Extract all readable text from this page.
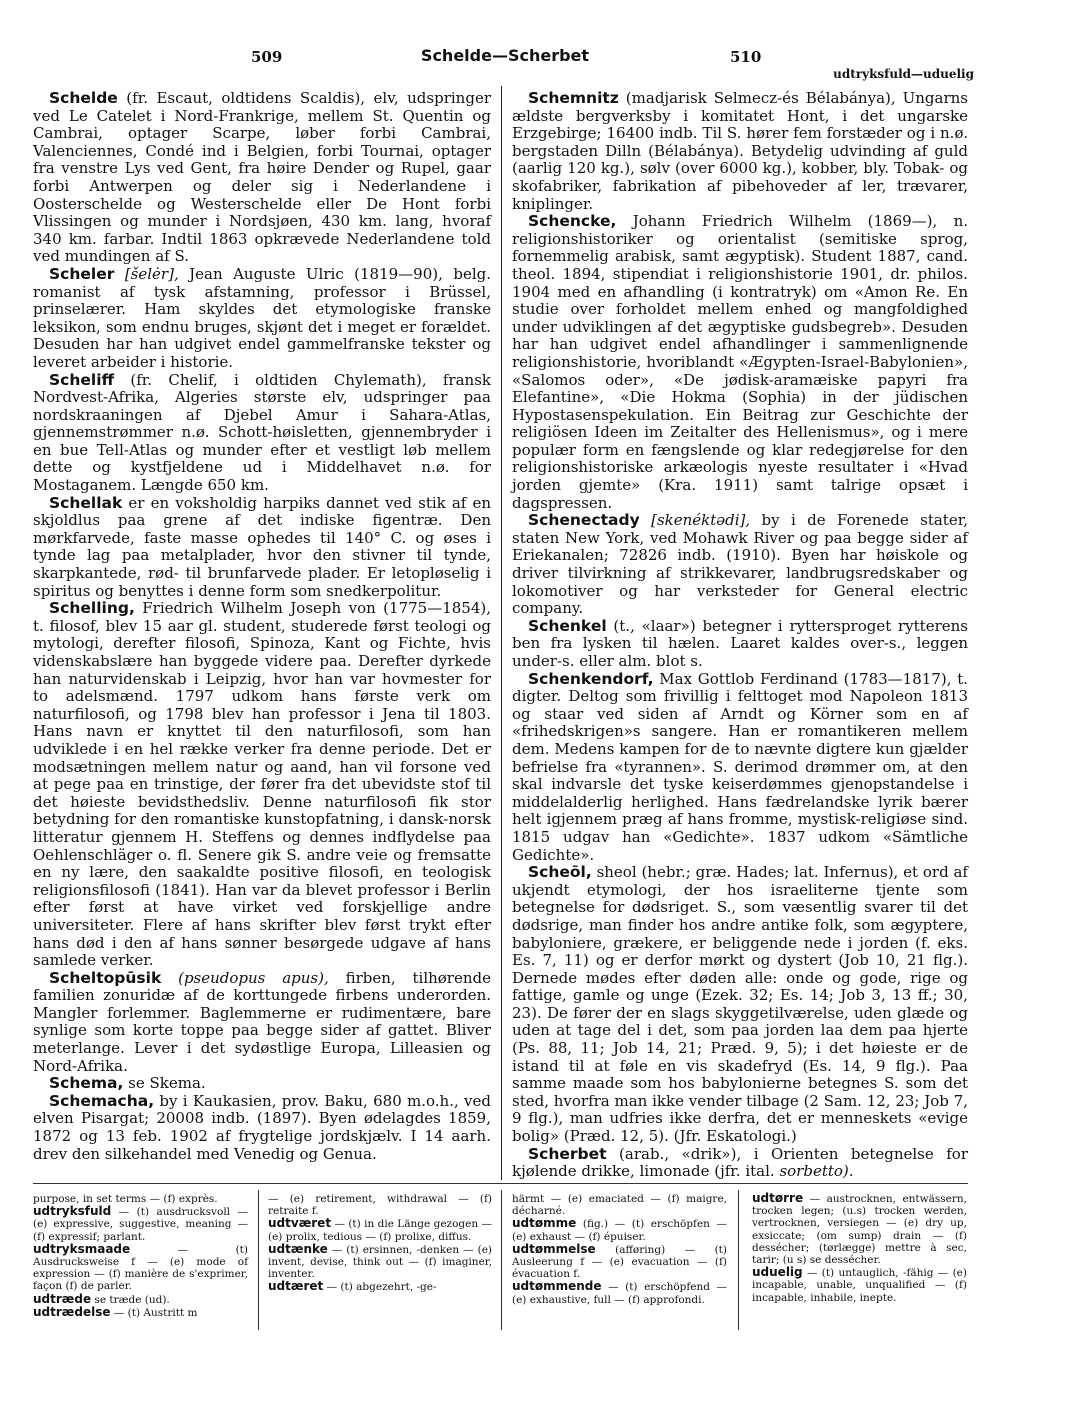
509	Schelde—Scherbet	510
udtryksfuld—uduelig

Schelde (fr. Escaut, oldtidens Scaldis), elv, udspringer ved Le Catelet i Nord-Frankrige, mellem St. Quentin og Cambrai, optager Scarpe, løber forbi Cambrai, Valenciennes, Condé ind i Belgien, forbi Tournai, optager fra venstre Lys ved Gent, fra høire Dender og Rupel, gaar forbi Antwerpen og deler sig i Nederlandene i Oosterschelde og Westerschelde eller De Hont forbi Vlissingen og munder i Nordsjøen, 430 km. lang, hvoraf 340 km. farbar. Indtil 1863 opkrævede Nederlandene told ved mundingen af S.

Scheler [šelėr], Jean Auguste Ulric (1819—90), belg. romanist af tysk afstamning, professor i Brüssel, prinselærer. Ham skyldes det etymologiske franske leksikon, som endnu bruges, skjønt det i meget er forældet. Desuden har han udgivet endel gammelfranske tekster og leveret arbeider i historie.

Scheliff (fr. Chelif, i oldtiden Chylemath), fransk Nordvest-Afrika, Algeries største elv, udspringer paa nordskraaningen af Djebel Amur i Sahara-Atlas, gjennemstrømmer n.ø. Schott-høisletten, gjennembryder i en bue Tell-Atlas og munder efter et vestligt løb mellem dette og kystfjeldene ud i Middelhavet n.ø. for Mostaganem. Længde 650 km.

Schellak er en voksholdig harpiks dannet ved stik af en skjoldlus paa grene af det indiske figentræ. Den mørkfarvede, faste masse ophedes til 140° C. og øses i tynde lag paa metalplader, hvor den stivner til tynde, skarpkantede, rød- til brunfarvede plader. Er letopløselig i spiritus og benyttes i denne form som snedkerpolitur.

Schelling, Friedrich Wilhelm Joseph von (1775—1854), t. filosof, blev 15 aar gl. student, studerede først teologi og mytologi, derefter filosofi, Spinoza, Kant og Fichte, hvis videnskabslære han byggede videre paa. Derefter dyrkede han naturvidenskab i Leipzig, hvor han var hovmester for to adelsmænd. 1797 udkom hans første verk om naturfilosofi, og 1798 blev han professor i Jena til 1803. Hans navn er knyttet til den naturfilosofi, som han udviklede i en hel række verker fra denne periode. Det er modsætningen mellem natur og aand, han vil forsone ved at pege paa en trinstige, der fører fra det ubevidste stof til det høieste bevidsthedsliv. Denne naturfilosofi fik stor betydning for den romantiske kunstopfatning, i dansk-norsk litteratur gjennem H. Steffens og dennes indflydelse paa Oehlenschläger o. fl. Senere gik S. andre veie og fremsatte en ny lære, den saakaldte positive filosofi, en teologisk religionsfilosofi (1841). Han var da blevet professor i Berlin efter først at have virket ved forskjellige andre universiteter. Flere af hans skrifter blev først trykt efter hans død i den af hans sønner besørgede udgave af hans samlede verker.

Scheltopūsik (pseudopus apus), firben, tilhørende familien zonuridæ af de korttungede firbens underorden. Mangler forlemmer. Baglemmerne er rudimentære, bare synlige som korte toppe paa begge sider af gattet. Bliver meterlange. Lever i det sydøstlige Europa, Lilleasien og Nord-Afrika.

Schema, se Skema.

Schemacha, by i Kaukasien, prov. Baku, 680 m.o.h., ved elven Pisargat; 20008 indb. (1897). Byen ødelagdes 1859, 1872 og 13 feb. 1902 af frygtelige jordskjælv. I 14 aarh. drev den silkehandel med Venedig og Genua.

Schemnitz (madjarisk Selmecz-és Bélabánya), Ungarns ældste bergverksby i komitatet Hont, i det ungarske Erzgebirge; 16400 indb. Til S. hører fem forstæder og i n.ø. bergstaden Dilln (Bélabánya). Betydelig udvinding af guld (aarlig 120 kg.), sølv (over 6000 kg.), kobber, bly. Tobak- og skofabriker, fabrikation af pibehoveder af ler, trævarer, kniplinger.

Schencke, Johann Friedrich Wilhelm (1869—), n. religionshistoriker og orientalist (semitiske sprog, fornemmelig arabisk, samt ægyptisk). Student 1887, cand. theol. 1894, stipendiat i religionshistorie 1901, dr. philos. 1904 med en afhandling (i kontratryk) om «Amon Re. En studie over forholdet mellem enhed og mangfoldighed under udviklingen af det ægyptiske gudsbegreb». Desuden har han udgivet endel afhandlinger i sammenlignende religionshistorie, hvoriblandt «Ægypten-Israel-Babylonien», «Salomos oder», «De jødisk-aramæiske papyri fra Elefantine», «Die Hokma (Sophia) in der jüdischen Hypostasenspekulation. Ein Beitrag zur Geschichte der religiösen Ideen im Zeitalter des Hellenismus», og i mere populær form en fængslende og klar redegjørelse for den religionshistoriske arkæologis nyeste resultater i «Hvad jorden gjemte» (Kra. 1911) samt talrige opsæt i dagspressen.

Schenectady [skenéktədi], by i de Forenede stater, staten New York, ved Mohawk River og paa begge sider af Eriekanalen; 72826 indb. (1910). Byen har høiskole og driver tilvirkning af strikkevarer, landbrugsredskaber og lokomotiver og har verksteder for General electric company.

Schenkel (t., «laar») betegner i ryttersproget rytterens ben fra lysken til hælen. Laaret kaldes over-s., leggen under-s. eller alm. blot s.

Schenkendorf, Max Gottlob Ferdinand (1783—1817), t. digter. Deltog som frivillig i felttoget mod Napoleon 1813 og staar ved siden af Arndt og Körner som en af «frihedskrigen»s sangere. Han er romantikeren mellem dem. Medens kampen for de to nævnte digtere kun gjælder befrielse fra «tyrannen». S. derimod drømmer om, at den skal indvarsle det tyske keiserdømmes gjenopstandelse i middelalderlig herlighed. Hans fædrelandske lyrik bærer helt igjennem præg af hans fromme, mystisk-religiøse sind. 1815 udgav han «Gedichte». 1837 udkom «Sämtliche Gedichte».

Scheōl, sheol (hebr.; græ. Hades; lat. Infernus), et ord af ukjendt etymologi, der hos israeliterne tjente som betegnelse for dødsriget. S., som væsentlig svarer til det dødsrige, man finder hos andre antike folk, som ægyptere, babyloniere, grækere, er beliggende nede i jorden (f. eks. Es. 7, 11) og er derfor mørkt og dystert (Job 10, 21 flg.). Dernede mødes efter døden alle: onde og gode, rige og fattige, gamle og unge (Ezek. 32; Es. 14; Job 3, 13 ff.; 30, 23). De fører der en slags skyggetilværelse, uden glæde og uden at tage del i det, som paa jorden laa dem paa hjerte (Ps. 88, 11; Job 14, 21; Præd. 9, 5); i det høieste er de istand til at føle en vis skadefryd (Es. 14, 9 flg.). Paa samme maade som hos babylonierne betegnes S. som det sted, hvorfra man ikke vender tilbage (2 Sam. 12, 23; Job 7, 9 flg.), man udfries ikke derfra, det er menneskets «evige bolig» (Præd. 12, 5). (Jfr. Eskatologi.)

Scherbet (arab., «drik»), i Orienten betegnelse for kjølende drikke, limonade (jfr. ital. sorbetto).

purpose, in set terms — (f) exprès.

udtryksfuld — (t) ausdrucksvoll — (e) expressive, suggestive, meaning — (f) expressif; parlant.

udtryksmaade — (t) Ausdrucksweise f — (e) mode of expression — (f) manière de s'exprimer, façon (f) de parler.

udtræde se træde (ud).

udtrædelse — (t) Austritt m

— (e) retirement, withdrawal — (f) retraite f.

udtværet — (t) in die Länge gezogen — (e) prolix, tedious — (f) prolixe, diffus.

udtænke — (t) ersinnen, -denken — (e) invent, devise, think out — (f) imaginer, inventer.

udtæret — (t) abgezehrt, -ge-

härmt — (e) emaciated — (f) maigre, décharné.

udtømme (fig.) — (t) erschöpfen — (e) exhaust — (f) épuiser.

udtømmelse (afføring) — (t) Ausleerung f — (e) evacuation — (f) évacuation f.

udtømmende — (t) erschöpfend — (e) exhaustive, full — (f) approfondi.

udtørre — austrocknen, entwässern, trocken legen; (u.s) trocken werden, vertrocknen, versiegen — (e) dry up, exsiccate; (om sump) drain — (f) dessécher; (tørlægge) mettre à sec, tarir; (u s) se dessécher.

uduelig — (t) untauglich, -fähig — (e) incapable, unable, unqualified — (f) incapable, inhabile, inepte.
